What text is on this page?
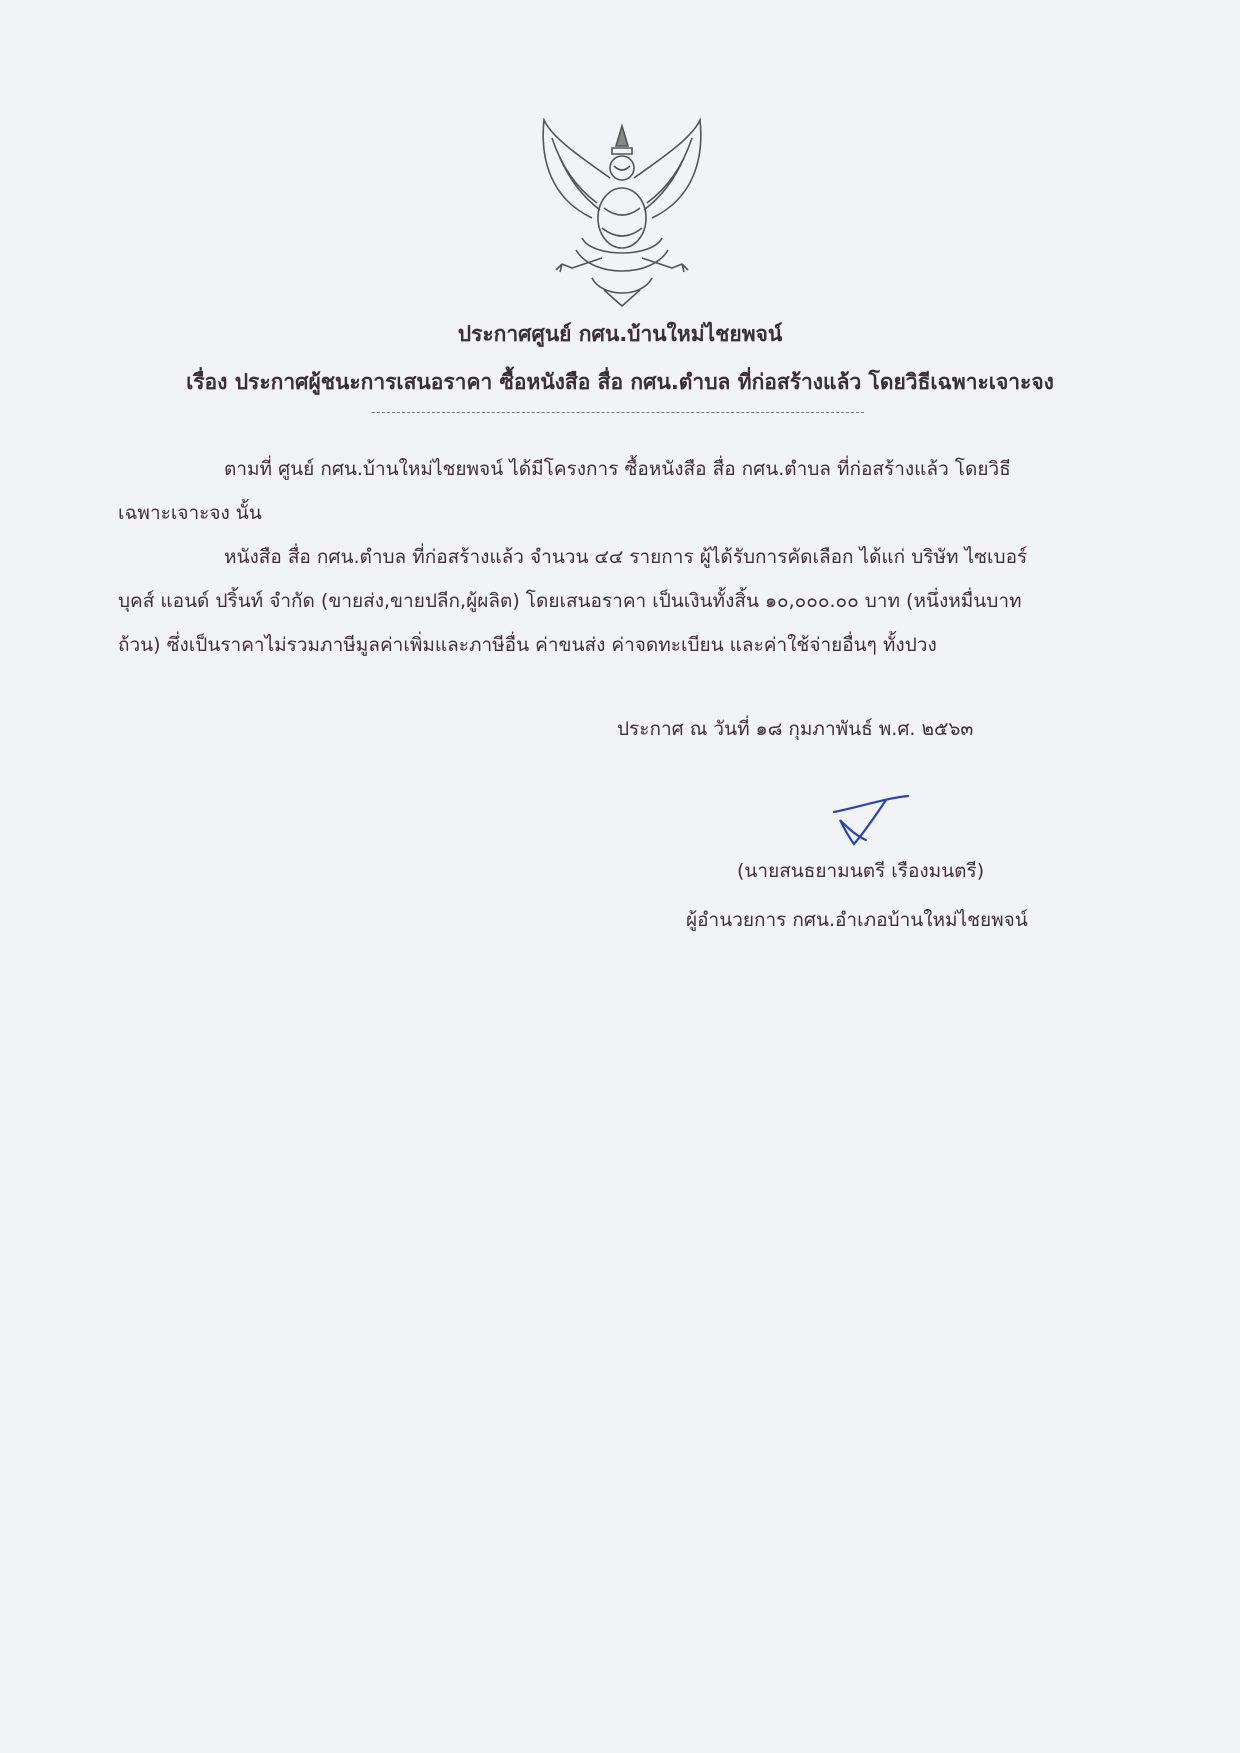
ประกาศศูนย์ กศน.บ้านใหม่ไชยพจน์
เรื่อง ประกาศผู้ชนะการเสนอราคา ซื้อหนังสือ สื่อ กศน.ตำบล ที่ก่อสร้างแล้ว โดยวิธีเฉพาะเจาะจง
ตามที่ ศูนย์ กศน.บ้านใหม่ไชยพจน์ ได้มีโครงการ ซื้อหนังสือ สื่อ กศน.ตำบล ที่ก่อสร้างแล้ว โดยวิธี
เฉพาะเจาะจง นั้น
หนังสือ สื่อ กศน.ตำบล ที่ก่อสร้างแล้ว จำนวน ๔๔ รายการ ผู้ได้รับการคัดเลือก ได้แก่ บริษัท ไซเบอร์
บุคส์ แอนด์ ปริ้นท์ จำกัด (ขายส่ง,ขายปลีก,ผู้ผลิต) โดยเสนอราคา เป็นเงินทั้งสิ้น ๑๐,๐๐๐.๐๐ บาท (หนึ่งหมื่นบาท
ถ้วน) ซึ่งเป็นราคาไม่รวมภาษีมูลค่าเพิ่มและภาษีอื่น ค่าขนส่ง ค่าจดทะเบียน และค่าใช้จ่ายอื่นๆ ทั้งปวง
ประกาศ ณ วันที่ ๑๘ กุมภาพันธ์ พ.ศ. ๒๕๖๓
(นายสนธยามนตรี เรืองมนตรี)
ผู้อำนวยการ กศน.อำเภอบ้านใหม่ไชยพจน์
